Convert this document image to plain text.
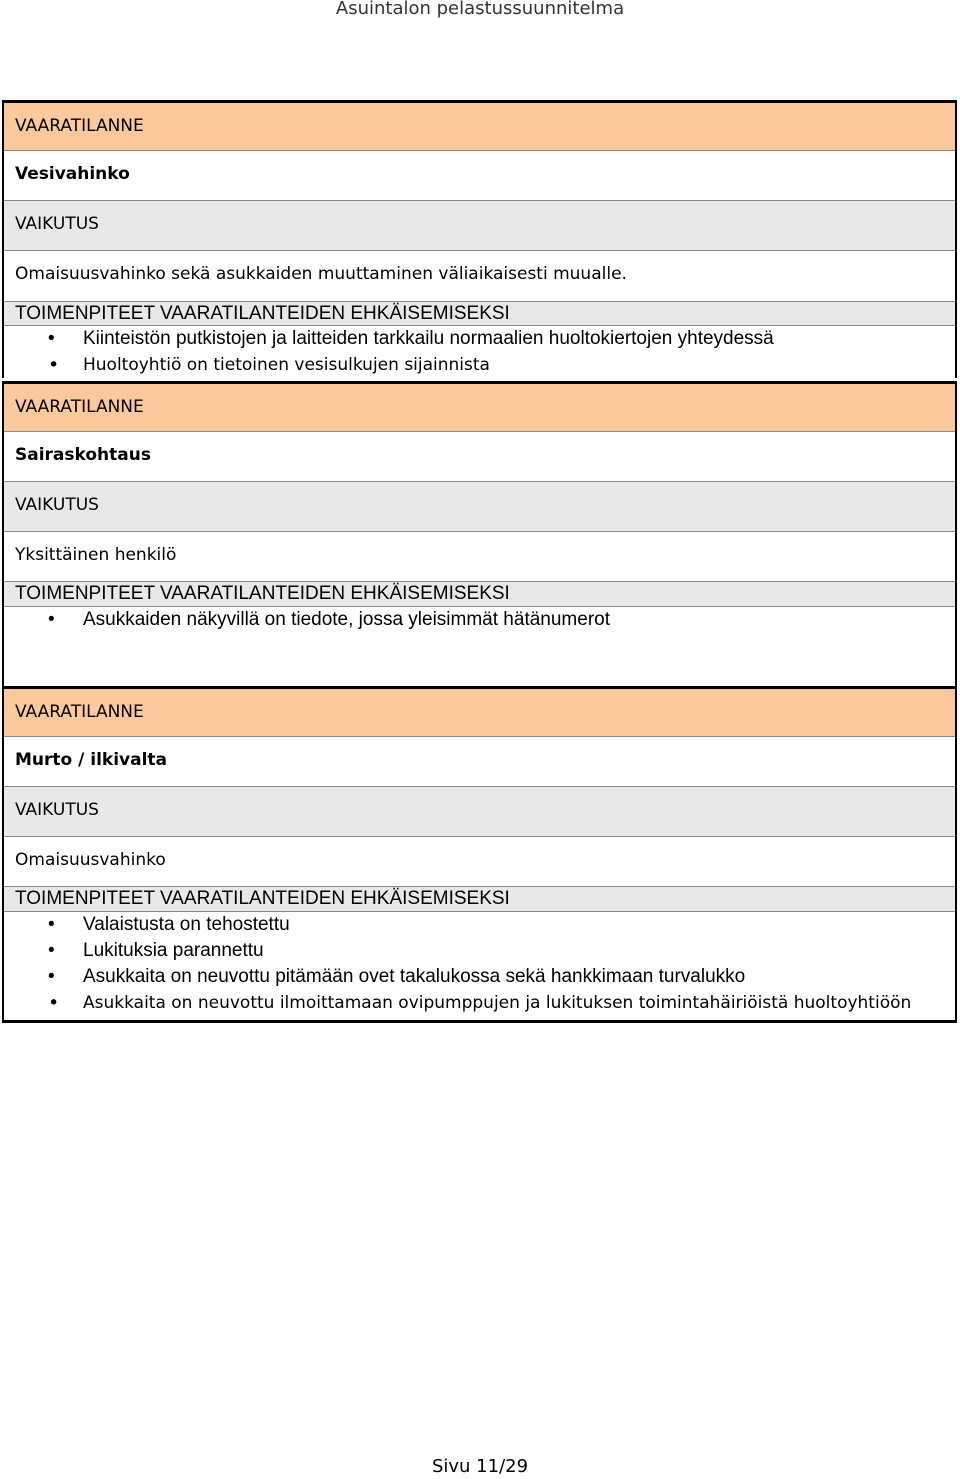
Asuintalon pelastussuunnitelma
VAARATILANNE
Vesivahinko
VAIKUTUS
Omaisuusvahinko sekä asukkaiden muuttaminen väliaikaisesti muualle.
TOIMENPITEET VAARATILANTEIDEN EHKÄISEMISEKSI
• Kiinteistön putkistojen ja laitteiden tarkkailu normaalien huoltokiertojen yhteydessä
• Huoltoyhtiö on tietoinen vesisulkujen sijainnista
VAARATILANNE
Sairaskohtaus
VAIKUTUS
Yksittäinen henkilö
TOIMENPITEET VAARATILANTEIDEN EHKÄISEMISEKSI
• Asukkaiden näkyvillä on tiedote, jossa yleisimmät hätänumerot
VAARATILANNE
Murto / ilkivalta
VAIKUTUS
Omaisuusvahinko
TOIMENPITEET VAARATILANTEIDEN EHKÄISEMISEKSI
• Valaistusta on tehostettu
• Lukituksia parannettu
• Asukkaita on neuvottu pitämään ovet takalukossa sekä hankkimaan turvalukko
• Asukkaita on neuvottu ilmoittamaan ovipumppujen ja lukituksen toimintahäiriöistä huoltoyhtiöön
Sivu 11/29
